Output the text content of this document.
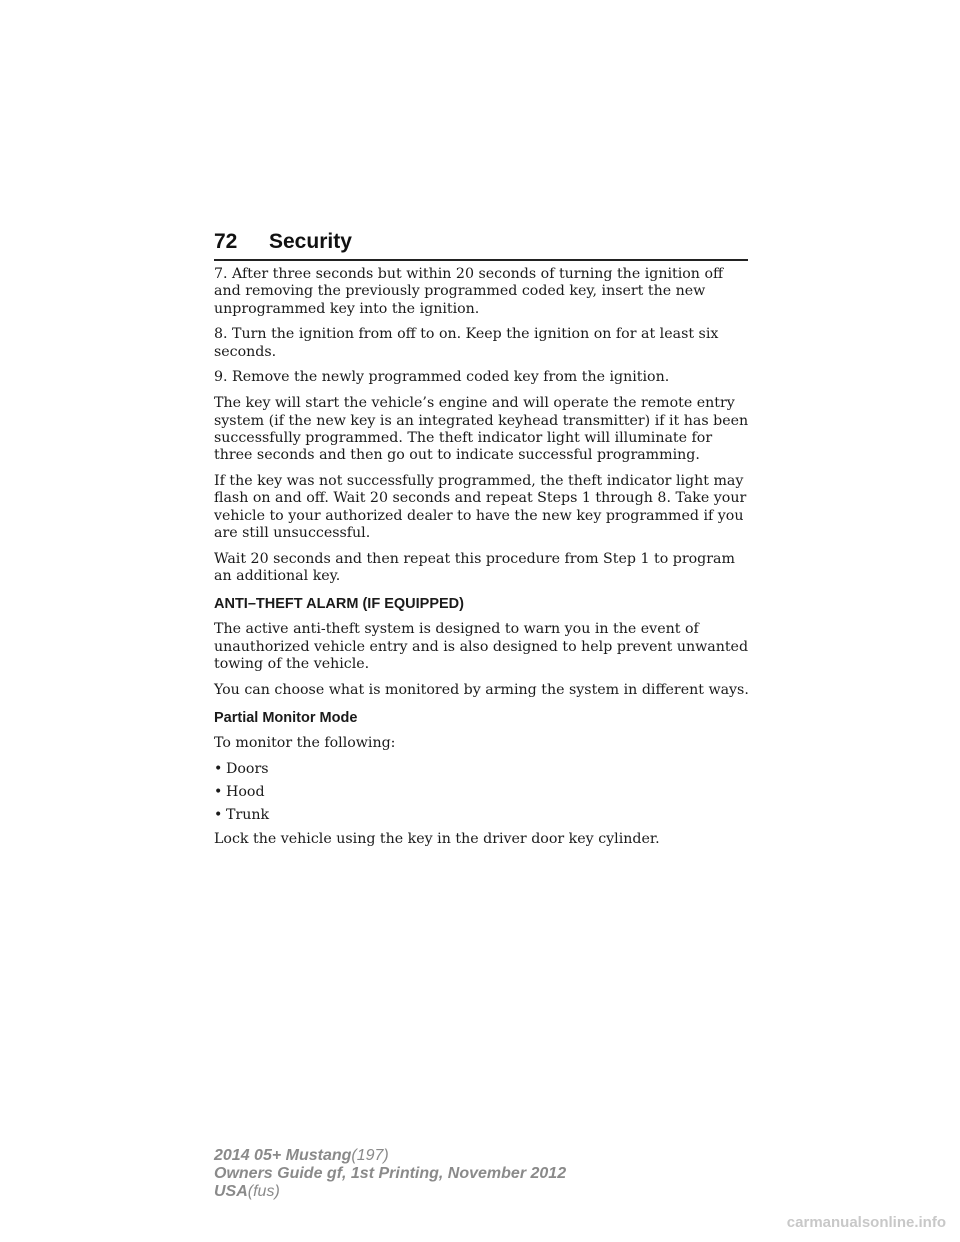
72 Security

7. After three seconds but within 20 seconds of turning the ignition off and removing the previously programmed coded key, insert the new unprogrammed key into the ignition.

8. Turn the ignition from off to on. Keep the ignition on for at least six seconds.

9. Remove the newly programmed coded key from the ignition.

The key will start the vehicle’s engine and will operate the remote entry system (if the new key is an integrated keyhead transmitter) if it has been successfully programmed. The theft indicator light will illuminate for three seconds and then go out to indicate successful programming.

If the key was not successfully programmed, the theft indicator light may flash on and off. Wait 20 seconds and repeat Steps 1 through 8. Take your vehicle to your authorized dealer to have the new key programmed if you are still unsuccessful.

Wait 20 seconds and then repeat this procedure from Step 1 to program an additional key.

ANTI–THEFT ALARM (IF EQUIPPED)

The active anti-theft system is designed to warn you in the event of unauthorized vehicle entry and is also designed to help prevent unwanted towing of the vehicle.

You can choose what is monitored by arming the system in different ways.

Partial Monitor Mode

To monitor the following:

• Doors
• Hood
• Trunk

Lock the vehicle using the key in the driver door key cylinder.

2014 05+ Mustang(197)
Owners Guide gf, 1st Printing, November 2012
USA(fus)
carmanualsonline.info
